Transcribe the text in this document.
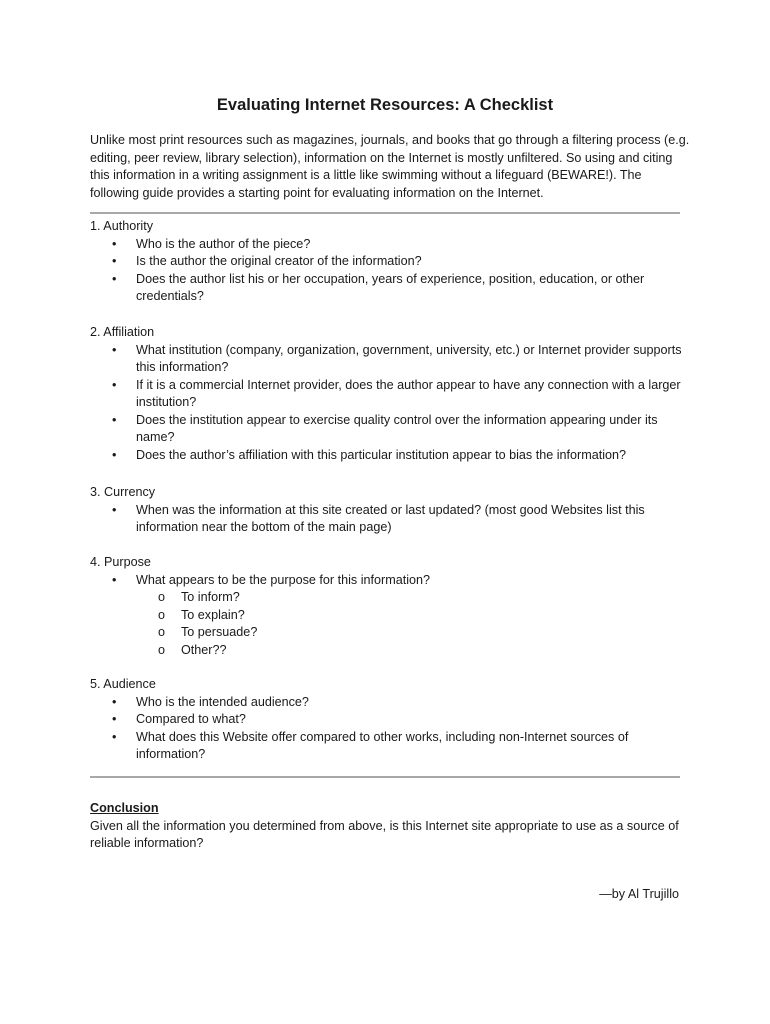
Evaluating Internet Resources: A Checklist
Unlike most print resources such as magazines, journals, and books that go through a filtering process (e.g. editing, peer review, library selection), information on the Internet is mostly unfiltered. So using and citing this information in a writing assignment is a little like swimming without a lifeguard (BEWARE!). The following guide provides a starting point for evaluating information on the Internet.

1. Authority

• Who is the author of the piece?
• Is the author the original creator of the information?
• Does the author list his or her occupation, years of experience, position, education, or other credentials?

2. Affiliation

• What institution (company, organization, government, university, etc.) or Internet provider supports this information?
• If it is a commercial Internet provider, does the author appear to have any connection with a larger institution?
• Does the institution appear to exercise quality control over the information appearing under its name?
• Does the author’s affiliation with this particular institution appear to bias the information?

3. Currency

• When was the information at this site created or last updated? (most good Websites list this information near the bottom of the main page)

4. Purpose

• What appears to be the purpose for this information?
o To inform?
o To explain?
o To persuade?
o Other??

5. Audience

• Who is the intended audience?
• Compared to what?
• What does this Website offer compared to other works, including non-Internet sources of information?
Conclusion
Given all the information you determined from above, is this Internet site appropriate to use as a source of reliable information?
—by Al Trujillo
